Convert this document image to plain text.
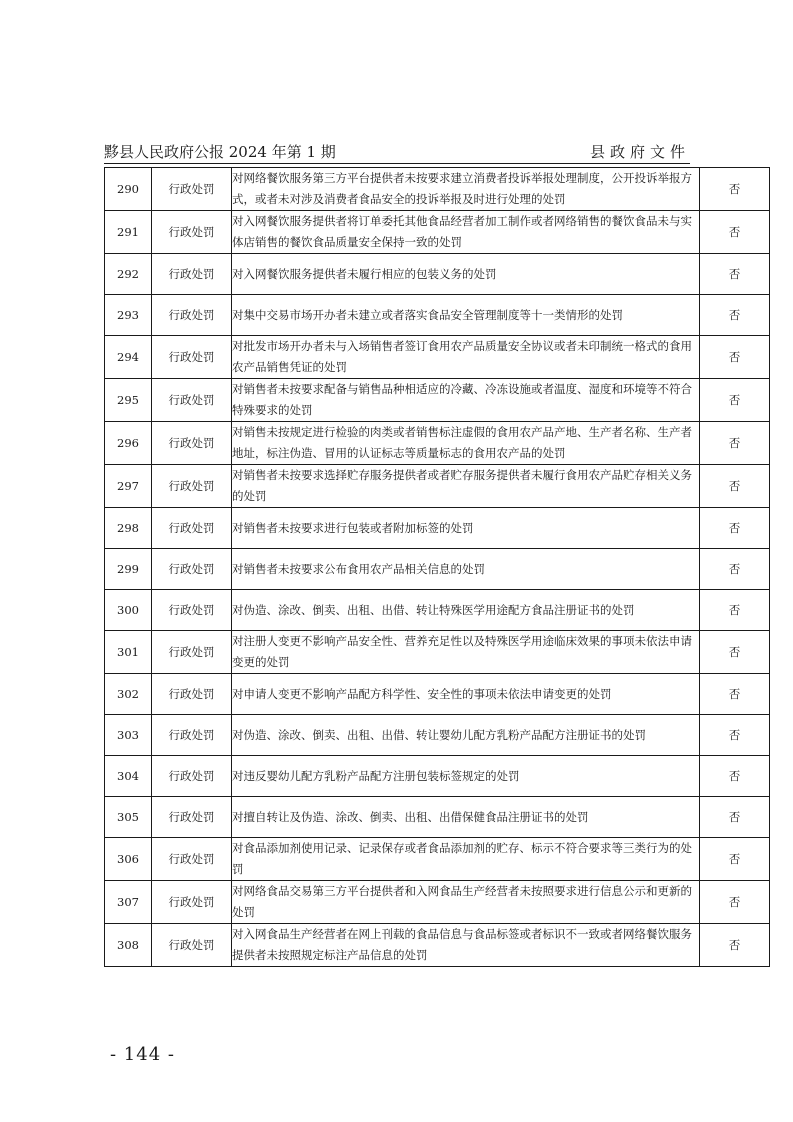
黟县人民政府公报 2024 年第 1 期	县政府文件
290	行政处罚	对网络餐饮服务第三方平台提供者未按要求建立消费者投诉举报处理制度，公开投诉举报方式，或者未对涉及消费者食品安全的投诉举报及时进行处理的处罚	否
291	行政处罚	对入网餐饮服务提供者将订单委托其他食品经营者加工制作或者网络销售的餐饮食品未与实体店销售的餐饮食品质量安全保持一致的处罚	否
292	行政处罚	对入网餐饮服务提供者未履行相应的包装义务的处罚	否
293	行政处罚	对集中交易市场开办者未建立或者落实食品安全管理制度等十一类情形的处罚	否
294	行政处罚	对批发市场开办者未与入场销售者签订食用农产品质量安全协议或者未印制统一格式的食用农产品销售凭证的处罚	否
295	行政处罚	对销售者未按要求配备与销售品种相适应的冷藏、冷冻设施或者温度、湿度和环境等不符合特殊要求的处罚	否
296	行政处罚	对销售未按规定进行检验的肉类或者销售标注虚假的食用农产品产地、生产者名称、生产者地址，标注伪造、冒用的认证标志等质量标志的食用农产品的处罚	否
297	行政处罚	对销售者未按要求选择贮存服务提供者或者贮存服务提供者未履行食用农产品贮存相关义务的处罚	否
298	行政处罚	对销售者未按要求进行包装或者附加标签的处罚	否
299	行政处罚	对销售者未按要求公布食用农产品相关信息的处罚	否
300	行政处罚	对伪造、涂改、倒卖、出租、出借、转让特殊医学用途配方食品注册证书的处罚	否
301	行政处罚	对注册人变更不影响产品安全性、营养充足性以及特殊医学用途临床效果的事项未依法申请变更的处罚	否
302	行政处罚	对申请人变更不影响产品配方科学性、安全性的事项未依法申请变更的处罚	否
303	行政处罚	对伪造、涂改、倒卖、出租、出借、转让婴幼儿配方乳粉产品配方注册证书的处罚	否
304	行政处罚	对违反婴幼儿配方乳粉产品配方注册包装标签规定的处罚	否
305	行政处罚	对擅自转让及伪造、涂改、倒卖、出租、出借保健食品注册证书的处罚	否
306	行政处罚	对食品添加剂使用记录、记录保存或者食品添加剂的贮存、标示不符合要求等三类行为的处罚	否
307	行政处罚	对网络食品交易第三方平台提供者和入网食品生产经营者未按照要求进行信息公示和更新的处罚	否
308	行政处罚	对入网食品生产经营者在网上刊载的食品信息与食品标签或者标识不一致或者网络餐饮服务提供者未按照规定标注产品信息的处罚	否
- 144 -
